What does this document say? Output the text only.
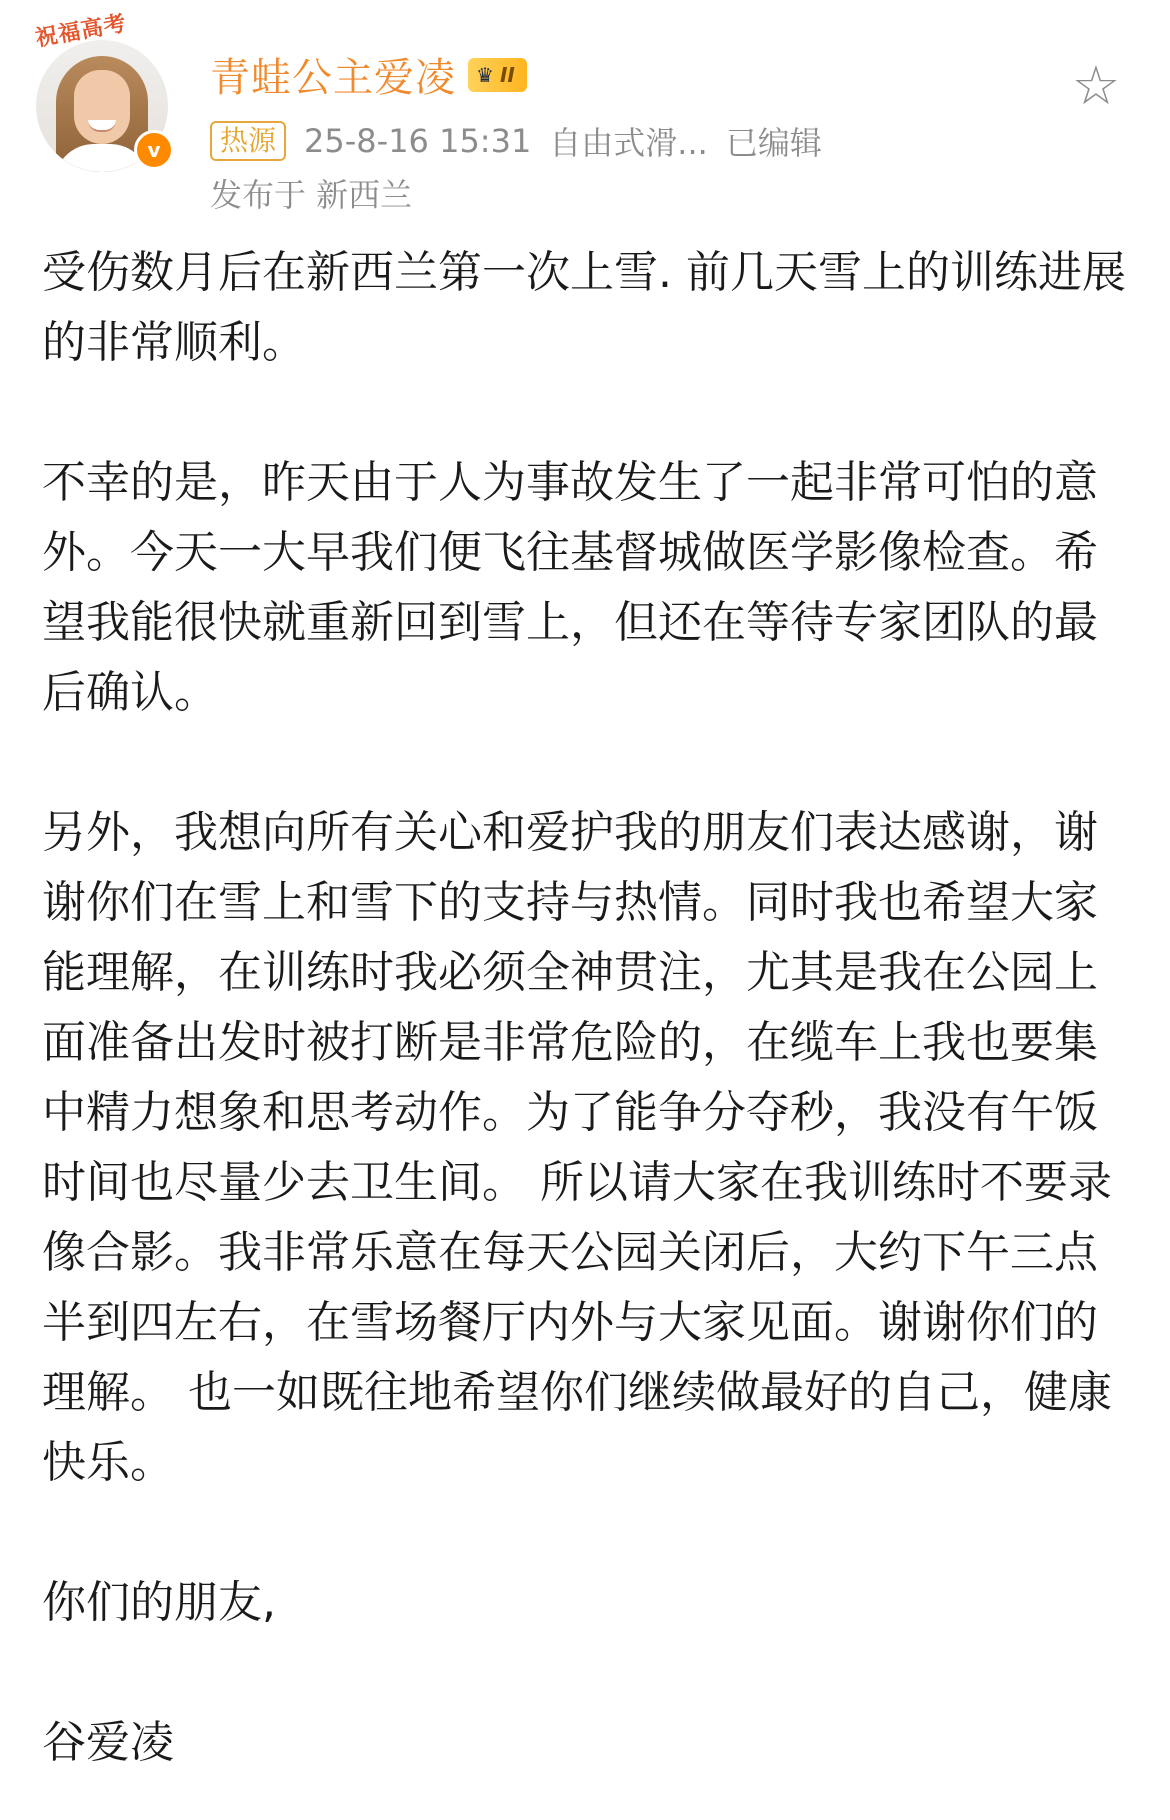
祝福高考
v
青蛙公主爱凌 ♛ II
热源 25-8-16 15:31 自由式滑... 已编辑
发布于 新西兰
☆

受伤数月后在新西兰第一次上雪. 前几天雪上的训练进展的非常顺利。

不幸的是，昨天由于人为事故发生了一起非常可怕的意外。今天一大早我们便飞往基督城做医学影像检查。希望我能很快就重新回到雪上，但还在等待专家团队的最后确认。

另外，我想向所有关心和爱护我的朋友们表达感谢，谢谢你们在雪上和雪下的支持与热情。同时我也希望大家能理解，在训练时我必须全神贯注，尤其是我在公园上面准备出发时被打断是非常危险的，在缆车上我也要集中精力想象和思考动作。为了能争分夺秒，我没有午饭时间也尽量少去卫生间。 所以请大家在我训练时不要录像合影。我非常乐意在每天公园关闭后，大约下午三点半到四左右，在雪场餐厅内外与大家见面。谢谢你们的理解。 也一如既往地希望你们继续做最好的自己，健康快乐。

你们的朋友,

谷爱凌
